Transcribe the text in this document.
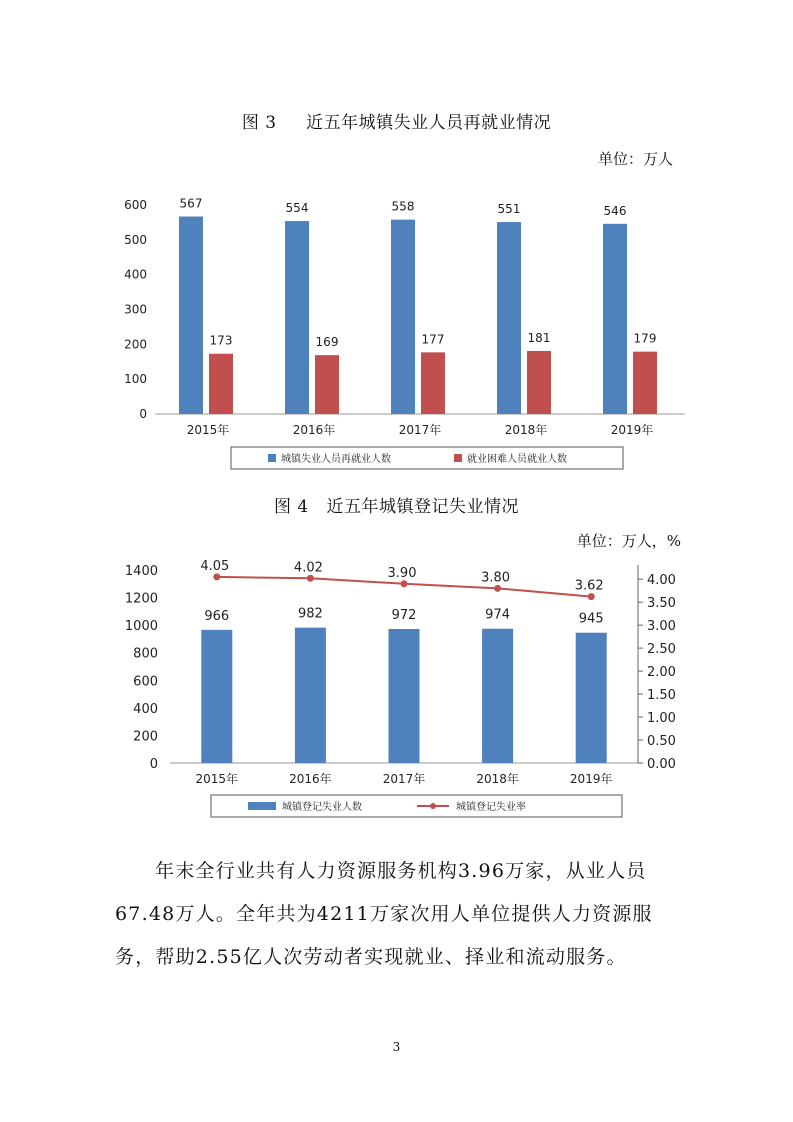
图 3 近五年城镇失业人员再就业情况
单位：万人
0
100
200
300
400
500
600
2015年
567
173
2016年
554
169
2017年
558
177
2018年
551
181
2019年
546
179
城镇失业人员再就业人数	就业困难人员就业人数
图 4 近五年城镇登记失业情况
单位：万人，%
0
200
400
600
800
1000
1200
1400
0.00
0.50
1.00
1.50
2.00
2.50
3.00
3.50
4.00
2015年
966
2016年
982
2017年
972
2018年
974
2019年
945
4.05	4.02	3.90	3.80
3.62
城镇登记失业人数	城镇登记失业率
年末全行业共有人力资源服务机构3.96万家，从业人员67.48万人。全年共为4211万家次用人单位提供人力资源服务，帮助2.55亿人次劳动者实现就业、择业和流动服务。
3
